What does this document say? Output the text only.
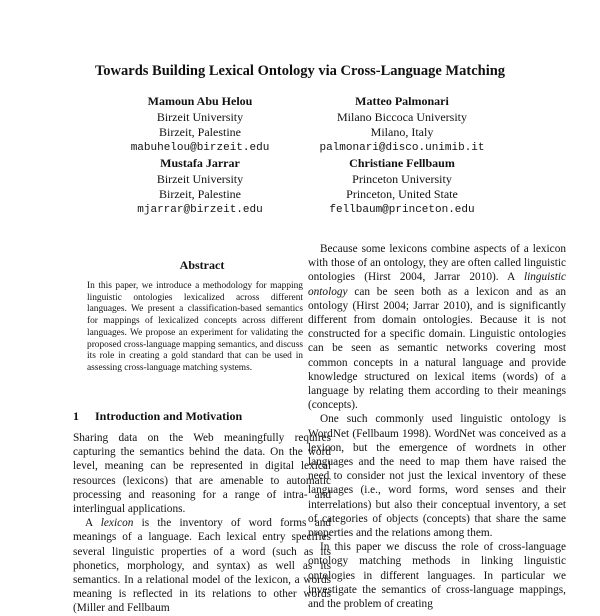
Towards Building Lexical Ontology via Cross-Language Matching
Mamoun Abu Helou
Birzeit University
Birzeit, Palestine
mabuhelou@birzeit.edu
Matteo Palmonari
Milano Biccoca University
Milano, Italy
palmonari@disco.unimib.it
Mustafa Jarrar
Birzeit University
Birzeit, Palestine
mjarrar@birzeit.edu
Christiane Fellbaum
Princeton University
Princeton, United State
fellbaum@princeton.edu
Abstract

In this paper, we introduce a methodology for mapping linguistic ontologies lexicalized across different languages. We present a classification-based semantics for mappings of lexicalized concepts across different languages. We propose an experiment for validating the proposed cross-language mapping semantics, and discuss its role in creating a gold standard that can be used in assessing cross-language matching systems.

1 Introduction and Motivation

Sharing data on the Web meaningfully requires capturing the semantics behind the data. On the word level, meaning can be represented in digital lexical resources (lexicons) that are amenable to automatic processing and reasoning for a range of intra- and interlingual applications.

A lexicon is the inventory of word forms and meanings of a language. Each lexical entry specifies several linguistic properties of a word (such as its phonetics, morphology, and syntax) as well as its semantics. In a relational model of the lexicon, a words meaning is reflected in its relations to other words (Miller and Fellbaum

Because some lexicons combine aspects of a lexicon with those of an ontology, they are often called linguistic ontologies (Hirst 2004, Jarrar 2010). A linguistic ontology can be seen both as a lexicon and as an ontology (Hirst 2004; Jarrar 2010), and is significantly different from domain ontologies. Because it is not constructed for a specific domain. Linguistic ontologies can be seen as semantic networks covering most common concepts in a natural language and provide knowledge structured on lexical items (words) of a language by relating them according to their meanings (concepts).

One such commonly used linguistic ontology is WordNet (Fellbaum 1998). WordNet was conceived as a lexicon, but the emergence of wordnets in other languages and the need to map them have raised the need to consider not just the lexical inventory of these languages (i.e., word forms, word senses and their interrelations) but also their conceptual inventory, a set of categories of objects (concepts) that share the same properties and the relations among them.

In this paper we discuss the role of cross-language ontology matching methods in linking linguistic ontologies in different languages. In particular we investigate the semantics of cross-language mappings, and the problem of creating
